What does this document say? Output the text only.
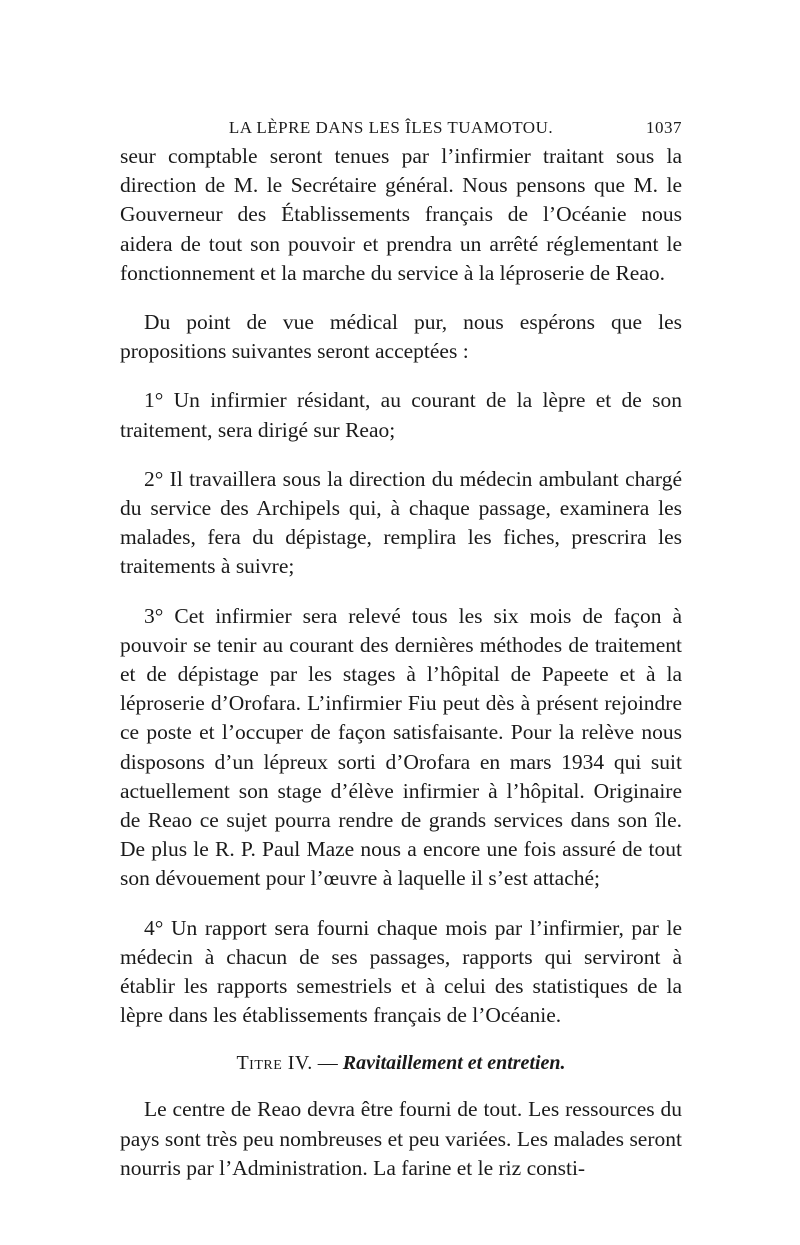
LA LÈPRE DANS LES ÎLES TUAMOTOU.	1037

seur comptable seront tenues par l’infirmier traitant sous la direction de M. le Secrétaire général. Nous pensons que M. le Gouverneur des Établissements français de l’Océanie nous aidera de tout son pouvoir et prendra un arrêté réglementant le fonctionnement et la marche du service à la léproserie de Reao.

Du point de vue médical pur, nous espérons que les propositions suivantes seront acceptées :

1° Un infirmier résidant, au courant de la lèpre et de son traitement, sera dirigé sur Reao;

2° Il travaillera sous la direction du médecin ambulant chargé du service des Archipels qui, à chaque passage, examinera les malades, fera du dépistage, remplira les fiches, prescrira les traitements à suivre;

3° Cet infirmier sera relevé tous les six mois de façon à pouvoir se tenir au courant des dernières méthodes de traitement et de dépistage par les stages à l’hôpital de Papeete et à la léproserie d’Orofara. L’infirmier Fiu peut dès à présent rejoindre ce poste et l’occuper de façon satisfaisante. Pour la relève nous disposons d’un lépreux sorti d’Orofara en mars 1934 qui suit actuellement son stage d’élève infirmier à l’hôpital. Originaire de Reao ce sujet pourra rendre de grands services dans son île. De plus le R. P. Paul Maze nous a encore une fois assuré de tout son dévouement pour l’œuvre à laquelle il s’est attaché;

4° Un rapport sera fourni chaque mois par l’infirmier, par le médecin à chacun de ses passages, rapports qui serviront à établir les rapports semestriels et à celui des statistiques de la lèpre dans les établissements français de l’Océanie.

Titre IV. — Ravitaillement et entretien.

Le centre de Reao devra être fourni de tout. Les ressources du pays sont très peu nombreuses et peu variées. Les malades seront nourris par l’Administration. La farine et le riz consti-
